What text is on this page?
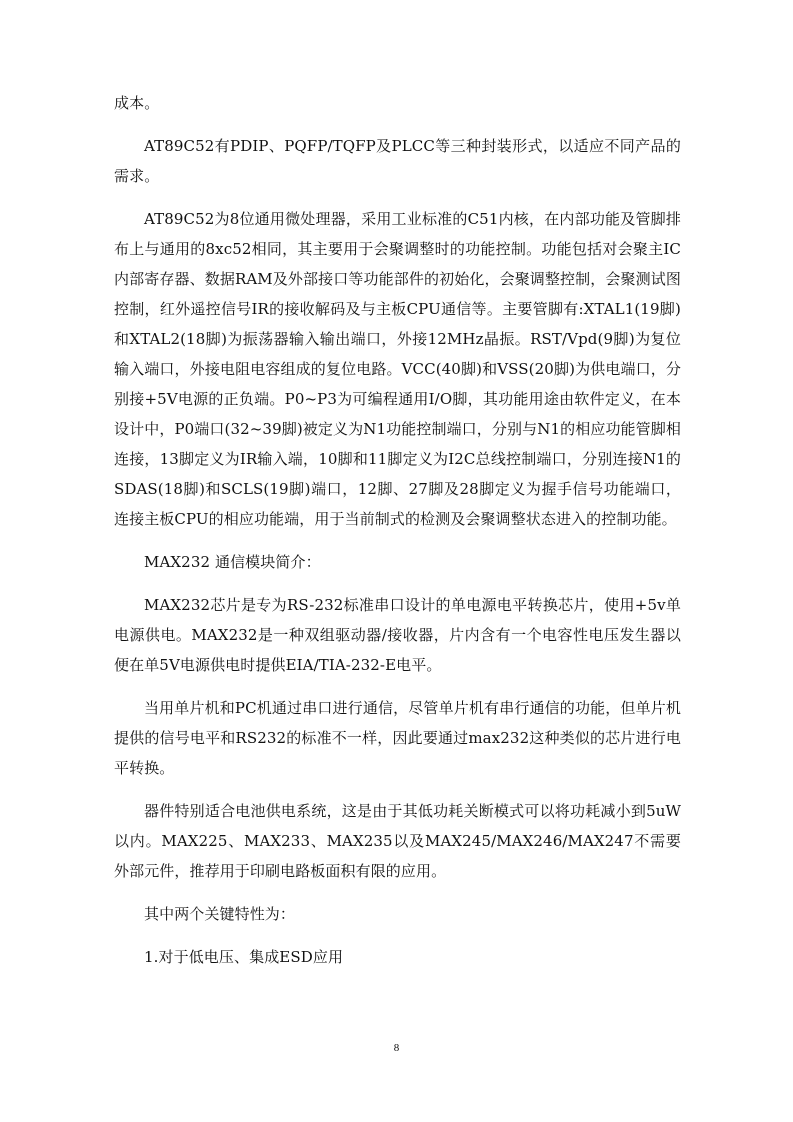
成本。

AT89C52有PDIP、PQFP/TQFP及PLCC等三种封装形式，以适应不同产品的需求。

AT89C52为8位通用微处理器，采用工业标准的C51内核，在内部功能及管脚排布上与通用的8xc52相同，其主要用于会聚调整时的功能控制。功能包括对会聚主IC内部寄存器、数据RAM及外部接口等功能部件的初始化，会聚调整控制，会聚测试图控制，红外遥控信号IR的接收解码及与主板CPU通信等。主要管脚有:XTAL1(19脚)和XTAL2(18脚)为振荡器输入输出端口，外接12MHz晶振。RST/Vpd(9脚)为复位输入端口，外接电阻电容组成的复位电路。VCC(40脚)和VSS(20脚)为供电端口，分别接+5V电源的正负端。P0~P3为可编程通用I/O脚，其功能用途由软件定义，在本设计中，P0端口(32~39脚)被定义为N1功能控制端口，分别与N1的相应功能管脚相连接，13脚定义为IR输入端，10脚和11脚定义为I2C总线控制端口，分别连接N1的SDAS(18脚)和SCLS(19脚)端口，12脚、27脚及28脚定义为握手信号功能端口，连接主板CPU的相应功能端，用于当前制式的检测及会聚调整状态进入的控制功能。

MAX232 通信模块简介：

MAX232芯片是专为RS-232标准串口设计的单电源电平转换芯片，使用+5v单电源供电。MAX232是一种双组驱动器/接收器，片内含有一个电容性电压发生器以便在单5V电源供电时提供EIA/TIA-232-E电平。

当用单片机和PC机通过串口进行通信，尽管单片机有串行通信的功能，但单片机提供的信号电平和RS232的标准不一样，因此要通过max232这种类似的芯片进行电平转换。

器件特别适合电池供电系统，这是由于其低功耗关断模式可以将功耗减小到5uW以内。MAX225、MAX233、MAX235以及MAX245/MAX246/MAX247不需要外部元件，推荐用于印刷电路板面积有限的应用。

其中两个关键特性为：

1.对于低电压、集成ESD应用

8
